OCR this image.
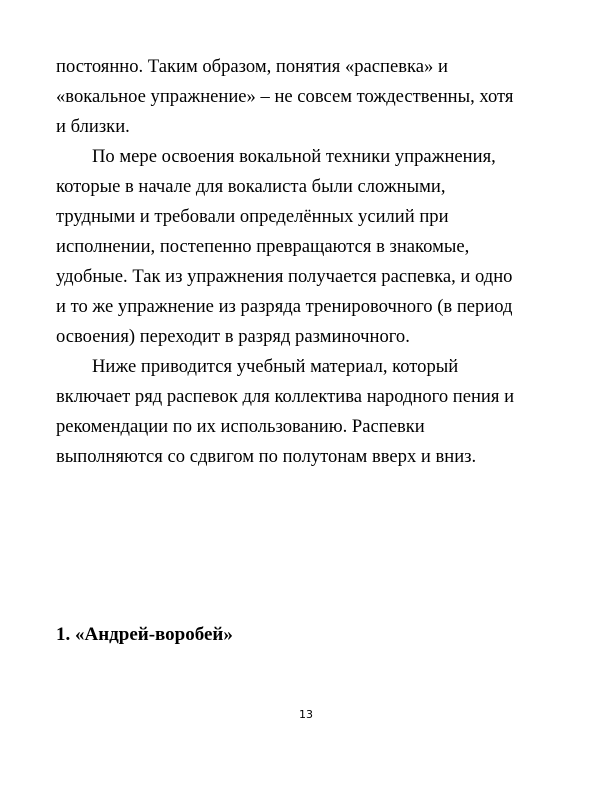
постоянно. Таким образом, понятия «распевка» и
«вокальное упражнение» – не совсем тождественны, хотя
и близки.
По мере освоения вокальной техники упражнения,
которые в начале для вокалиста были сложными,
трудными и требовали определённых усилий при
исполнении, постепенно превращаются в знакомые,
удобные. Так из упражнения получается распевка, и одно
и то же упражнение из разряда тренировочного (в период
освоения) переходит в разряд разминочного.
Ниже приводится учебный материал, который
включает ряд распевок для коллектива народного пения и
рекомендации по их использованию. Распевки
выполняются со сдвигом по полутонам вверх и вниз.
1. «Андрей-воробей»
13
